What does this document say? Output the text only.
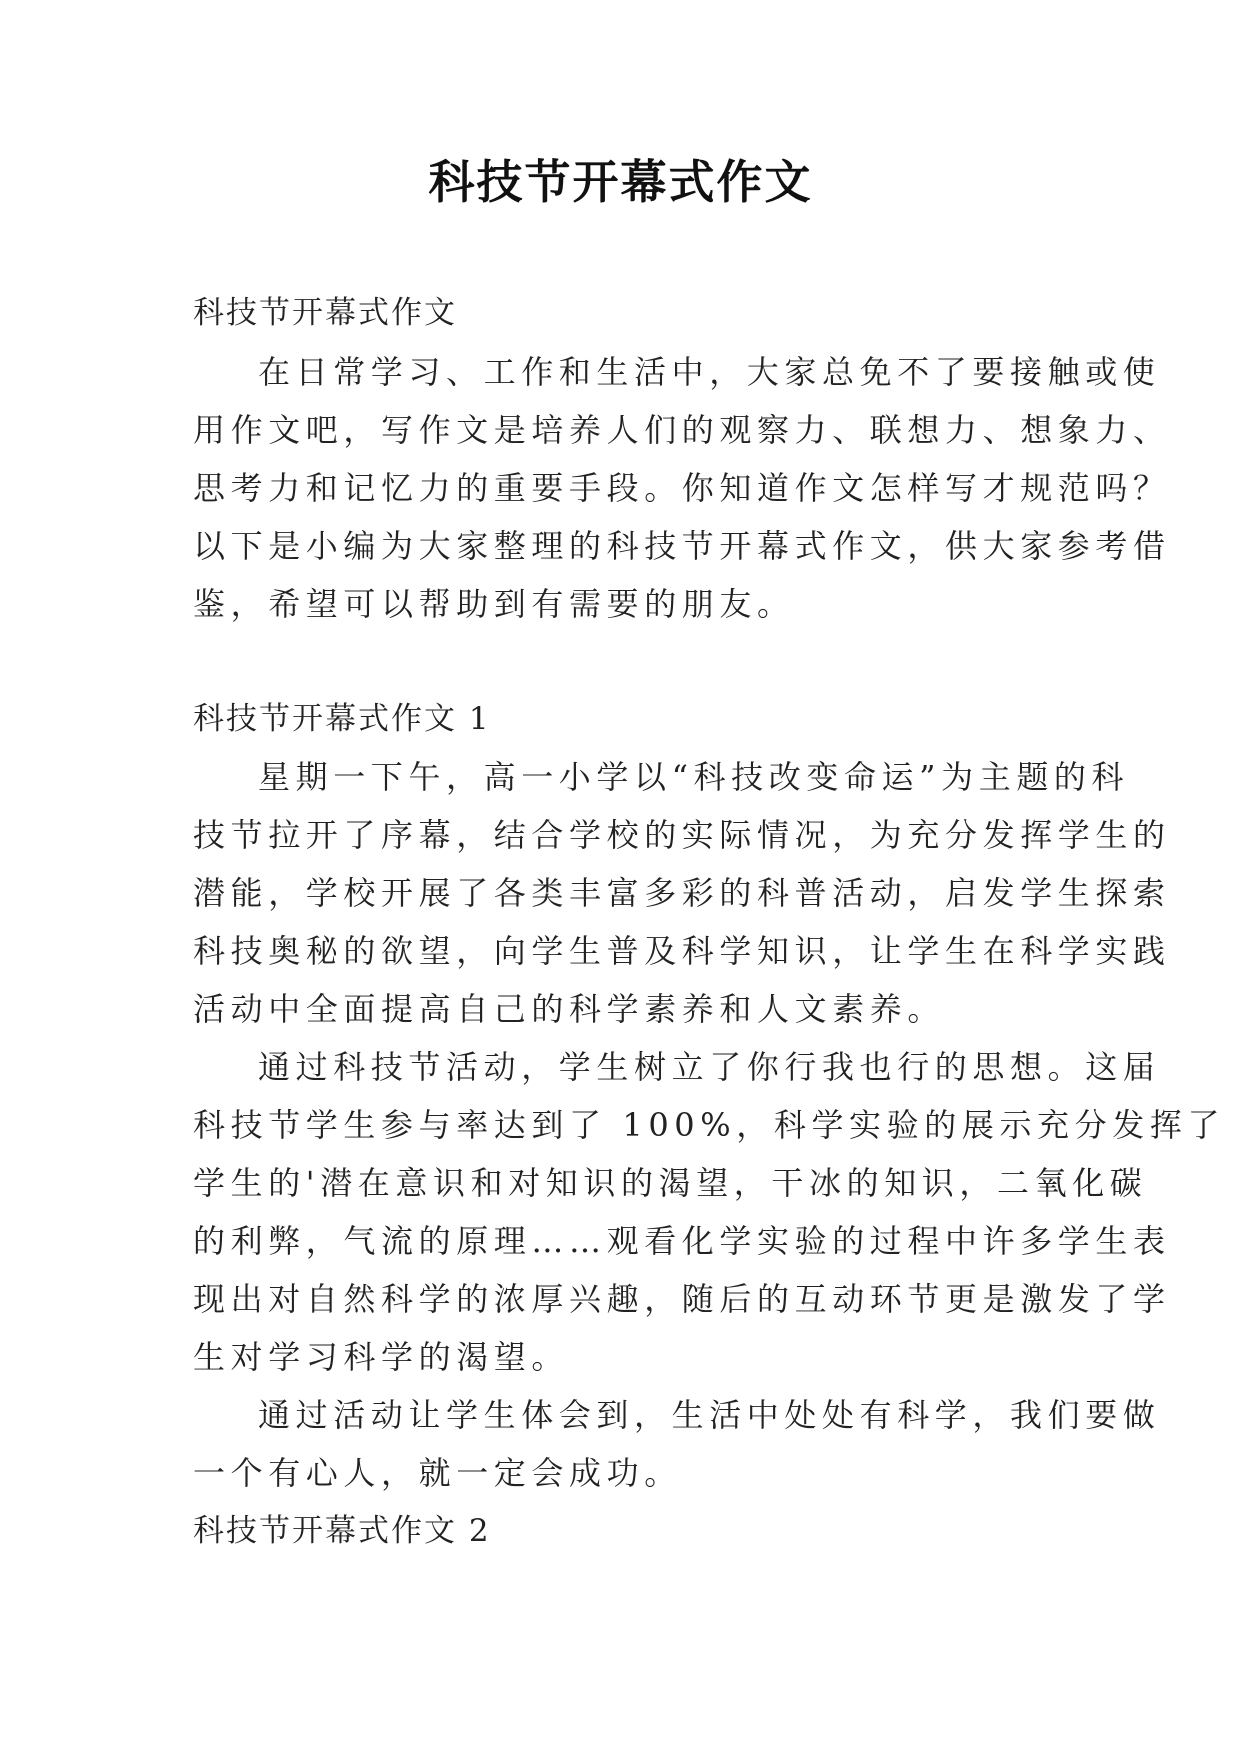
科技节开幕式作文
科技节开幕式作文
在日常学习、工作和生活中，大家总免不了要接触或使
用作文吧，写作文是培养人们的观察力、联想力、想象力、
思考力和记忆力的重要手段。你知道作文怎样写才规范吗？
以下是小编为大家整理的科技节开幕式作文，供大家参考借
鉴，希望可以帮助到有需要的朋友。
科技节开幕式作文 1
星期一下午，高一小学以“科技改变命运”为主题的科
技节拉开了序幕，结合学校的实际情况，为充分发挥学生的
潜能，学校开展了各类丰富多彩的科普活动，启发学生探索
科技奥秘的欲望，向学生普及科学知识，让学生在科学实践
活动中全面提高自己的科学素养和人文素养。
通过科技节活动，学生树立了你行我也行的思想。这届
科技节学生参与率达到了 100%，科学实验的展示充分发挥了
学生的'潜在意识和对知识的渴望，干冰的知识，二氧化碳
的利弊，气流的原理……观看化学实验的过程中许多学生表
现出对自然科学的浓厚兴趣，随后的互动环节更是激发了学
生对学习科学的渴望。
通过活动让学生体会到，生活中处处有科学，我们要做
一个有心人，就一定会成功。
科技节开幕式作文 2
